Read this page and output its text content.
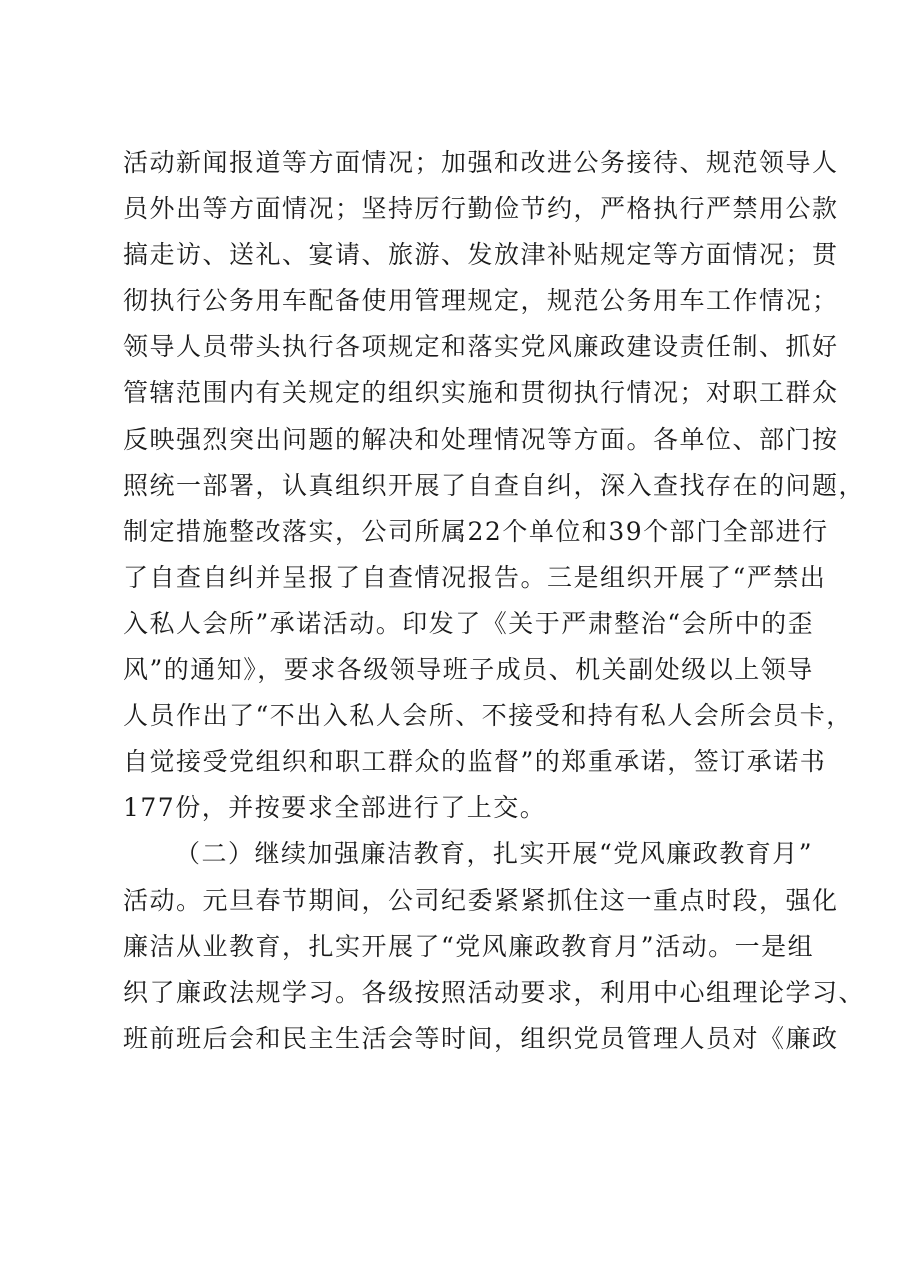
活动新闻报道等方面情况；加强和改进公务接待、规范领导人
员外出等方面情况；坚持厉行勤俭节约，严格执行严禁用公款
搞走访、送礼、宴请、旅游、发放津补贴规定等方面情况；贯
彻执行公务用车配备使用管理规定，规范公务用车工作情况；
领导人员带头执行各项规定和落实党风廉政建设责任制、抓好
管辖范围内有关规定的组织实施和贯彻执行情况；对职工群众
反映强烈突出问题的解决和处理情况等方面。各单位、部门按
照统一部署，认真组织开展了自查自纠，深入查找存在的问题，
制定措施整改落实，公司所属22个单位和39个部门全部进行
了自查自纠并呈报了自查情况报告。三是组织开展了“严禁出
入私人会所”承诺活动。印发了《关于严肃整治“会所中的歪
风”的通知》，要求各级领导班子成员、机关副处级以上领导
人员作出了“不出入私人会所、不接受和持有私人会所会员卡，
自觉接受党组织和职工群众的监督”的郑重承诺，签订承诺书
177份，并按要求全部进行了上交。
（二）继续加强廉洁教育，扎实开展“党风廉政教育月”
活动。元旦春节期间，公司纪委紧紧抓住这一重点时段，强化
廉洁从业教育，扎实开展了“党风廉政教育月”活动。一是组
织了廉政法规学习。各级按照活动要求，利用中心组理论学习、
班前班后会和民主生活会等时间，组织党员管理人员对《廉政
